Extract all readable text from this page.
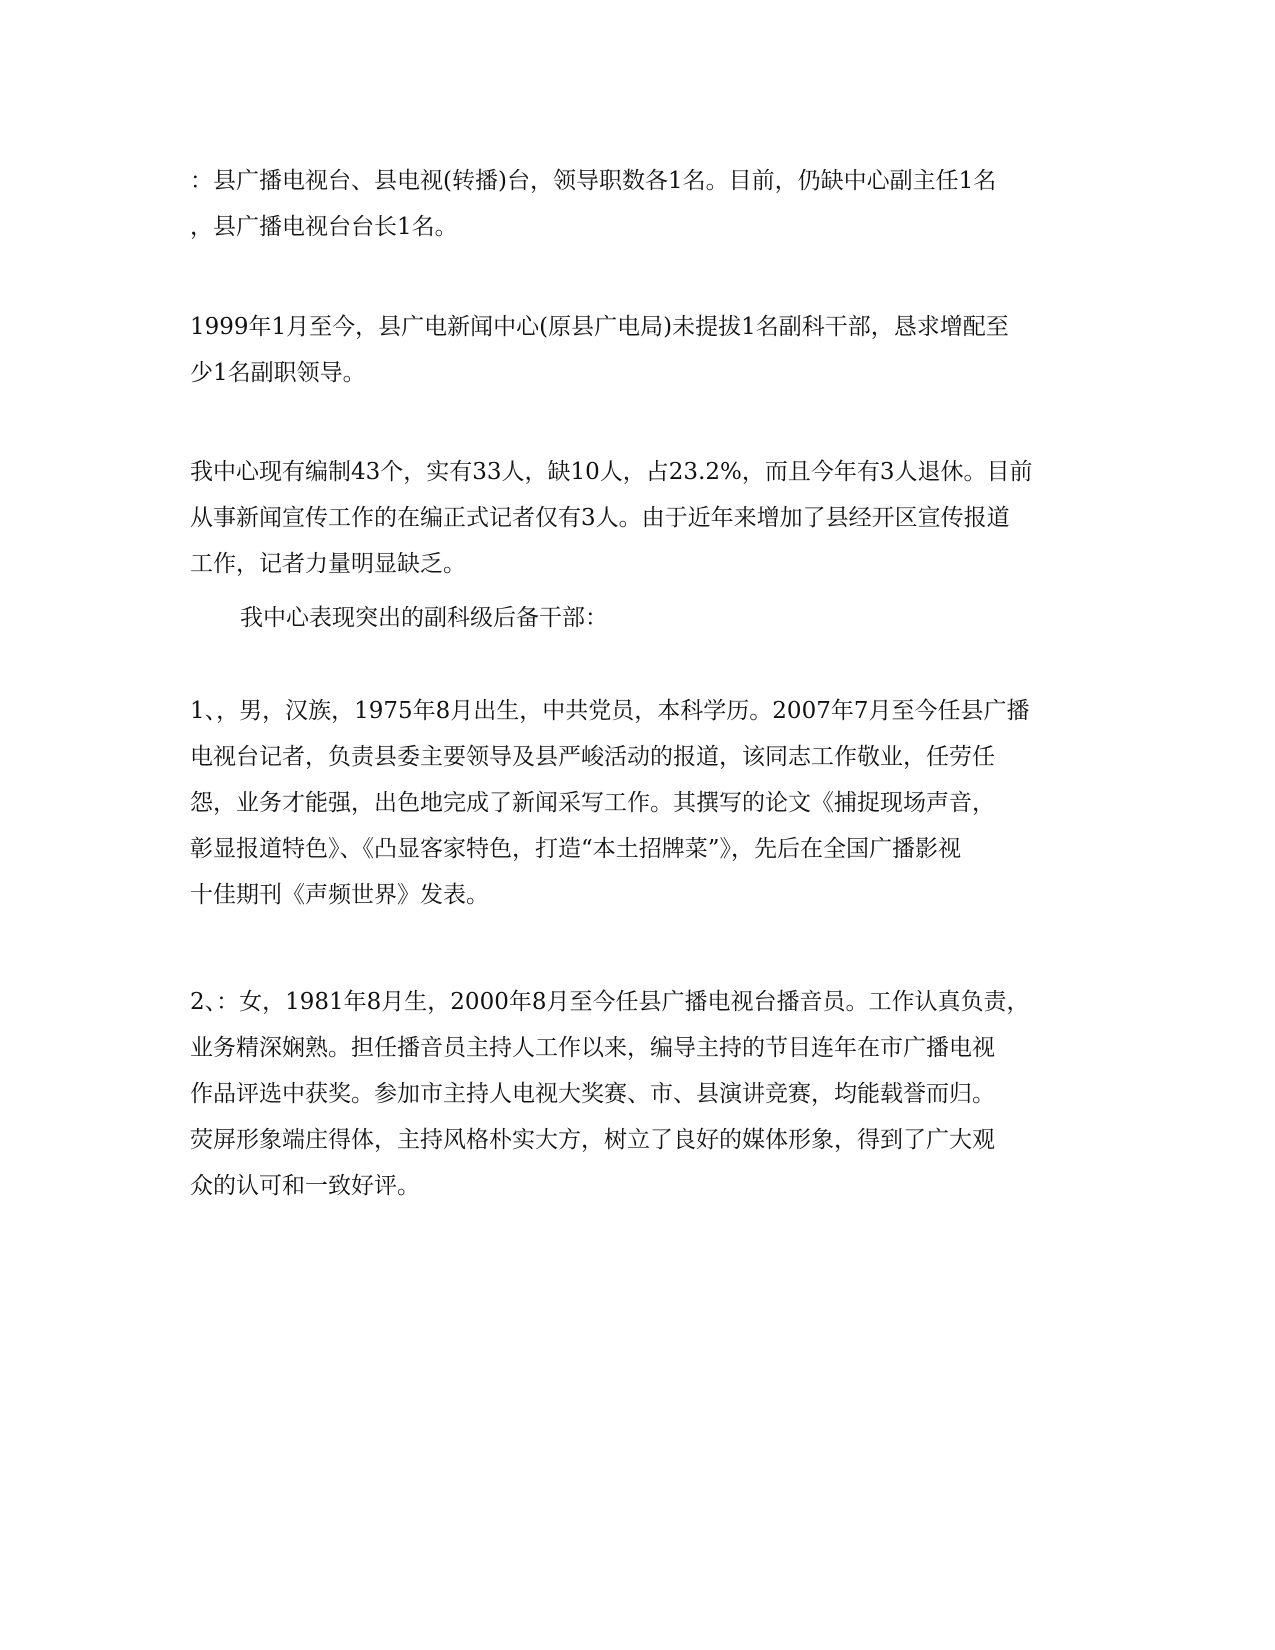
：县广播电视台、县电视(转播)台，领导职数各1名。目前，仍缺中心副主任1名
，县广播电视台台长1名。

1999年1月至今，县广电新闻中心(原县广电局)未提拔1名副科干部，恳求增配至
少1名副职领导。

我中心现有编制43个，实有33人，缺10人，占23.2%，而且今年有3人退休。目前
从事新闻宣传工作的在编正式记者仅有3人。由于近年来增加了县经开区宣传报道
工作，记者力量明显缺乏。

我中心表现突出的副科级后备干部：

1、，男，汉族，1975年8月出生，中共党员，本科学历。2007年7月至今任县广播
电视台记者，负责县委主要领导及县严峻活动的报道，该同志工作敬业，任劳任
怨，业务才能强，出色地完成了新闻采写工作。其撰写的论文《捕捉现场声音，
彰显报道特色》、《凸显客家特色，打造“本土招牌菜”》，先后在全国广播影视
十佳期刊《声频世界》发表。

2、：女，1981年8月生，2000年8月至今任县广播电视台播音员。工作认真负责，
业务精深娴熟。担任播音员主持人工作以来，编导主持的节目连年在市广播电视
作品评选中获奖。参加市主持人电视大奖赛、市、县演讲竞赛，均能载誉而归。
荧屏形象端庄得体，主持风格朴实大方，树立了良好的媒体形象，得到了广大观
众的认可和一致好评。
